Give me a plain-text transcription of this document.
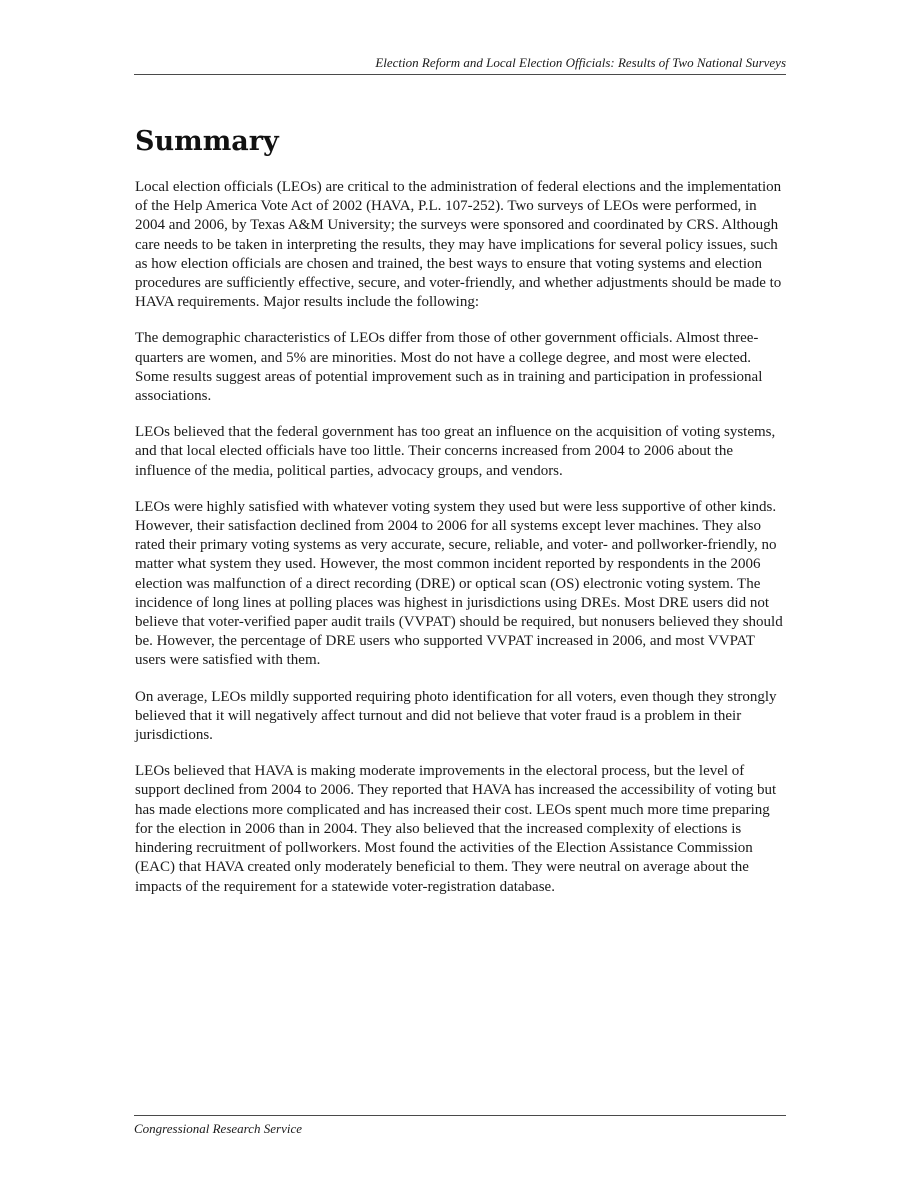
Election Reform and Local Election Officials: Results of Two National Surveys
Summary

Local election officials (LEOs) are critical to the administration of federal elections and the implementation of the Help America Vote Act of 2002 (HAVA, P.L. 107-252). Two surveys of LEOs were performed, in 2004 and 2006, by Texas A&M University; the surveys were sponsored and coordinated by CRS. Although care needs to be taken in interpreting the results, they may have implications for several policy issues, such as how election officials are chosen and trained, the best ways to ensure that voting systems and election procedures are sufficiently effective, secure, and voter-friendly, and whether adjustments should be made to HAVA requirements. Major results include the following:

The demographic characteristics of LEOs differ from those of other government officials. Almost three-quarters are women, and 5% are minorities. Most do not have a college degree, and most were elected. Some results suggest areas of potential improvement such as in training and participation in professional associations.

LEOs believed that the federal government has too great an influence on the acquisition of voting systems, and that local elected officials have too little. Their concerns increased from 2004 to 2006 about the influence of the media, political parties, advocacy groups, and vendors.

LEOs were highly satisfied with whatever voting system they used but were less supportive of other kinds. However, their satisfaction declined from 2004 to 2006 for all systems except lever machines. They also rated their primary voting systems as very accurate, secure, reliable, and voter- and pollworker-friendly, no matter what system they used. However, the most common incident reported by respondents in the 2006 election was malfunction of a direct recording (DRE) or optical scan (OS) electronic voting system. The incidence of long lines at polling places was highest in jurisdictions using DREs. Most DRE users did not believe that voter-verified paper audit trails (VVPAT) should be required, but nonusers believed they should be. However, the percentage of DRE users who supported VVPAT increased in 2006, and most VVPAT users were satisfied with them.

On average, LEOs mildly supported requiring photo identification for all voters, even though they strongly believed that it will negatively affect turnout and did not believe that voter fraud is a problem in their jurisdictions.

LEOs believed that HAVA is making moderate improvements in the electoral process, but the level of support declined from 2004 to 2006. They reported that HAVA has increased the accessibility of voting but has made elections more complicated and has increased their cost. LEOs spent much more time preparing for the election in 2006 than in 2004. They also believed that the increased complexity of elections is hindering recruitment of pollworkers. Most found the activities of the Election Assistance Commission (EAC) that HAVA created only moderately beneficial to them. They were neutral on average about the impacts of the requirement for a statewide voter-registration database.

Congressional Research Service
